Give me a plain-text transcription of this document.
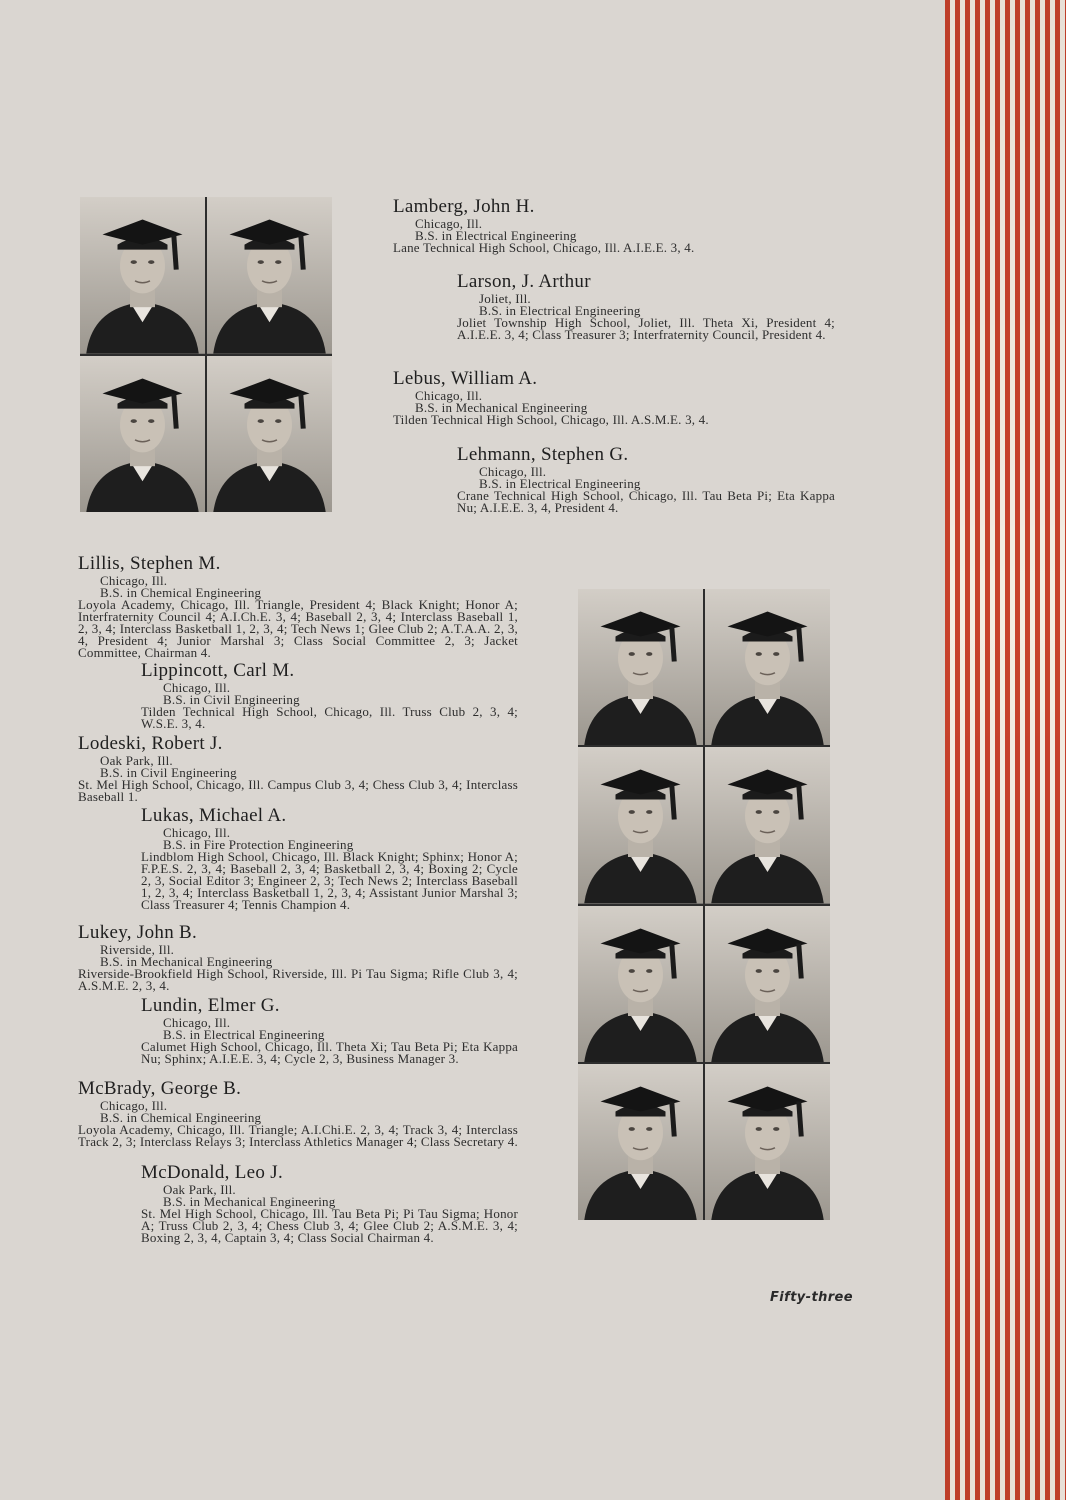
Lamberg, John H.
Chicago, Ill.
B.S. in Electrical Engineering
Lane Technical High School, Chicago, Ill. A.I.E.E. 3, 4.
Larson, J. Arthur
Joliet, Ill.
B.S. in Electrical Engineering
Joliet Township High School, Joliet, Ill. Theta Xi, President 4; A.I.E.E. 3, 4; Class Treasurer 3; Interfraternity Council, President 4.
Lebus, William A.
Chicago, Ill.
B.S. in Mechanical Engineering
Tilden Technical High School, Chicago, Ill. A.S.M.E. 3, 4.
Lehmann, Stephen G.
Chicago, Ill.
B.S. in Electrical Engineering
Crane Technical High School, Chicago, Ill. Tau Beta Pi; Eta Kappa Nu; A.I.E.E. 3, 4, President 4.
Lillis, Stephen M.
Chicago, Ill.
B.S. in Chemical Engineering
Loyola Academy, Chicago, Ill. Triangle, President 4; Black Knight; Honor A; Interfraternity Council 4; A.I.Ch.E. 3, 4; Baseball 2, 3, 4; Interclass Baseball 1, 2, 3, 4; Interclass Basketball 1, 2, 3, 4; Tech News 1; Glee Club 2; A.T.A.A. 2, 3, 4, President 4; Junior Marshal 3; Class Social Committee 2, 3; Jacket Committee, Chairman 4.
Lippincott, Carl M.
Chicago, Ill.
B.S. in Civil Engineering
Tilden Technical High School, Chicago, Ill. Truss Club 2, 3, 4; W.S.E. 3, 4.
Lodeski, Robert J.
Oak Park, Ill.
B.S. in Civil Engineering
St. Mel High School, Chicago, Ill. Campus Club 3, 4; Chess Club 3, 4; Interclass Baseball 1.
Lukas, Michael A.
Chicago, Ill.
B.S. in Fire Protection Engineering
Lindblom High School, Chicago, Ill. Black Knight; Sphinx; Honor A; F.P.E.S. 2, 3, 4; Baseball 2, 3, 4; Basketball 2, 3, 4; Boxing 2; Cycle 2, 3, Social Editor 3; Engineer 2, 3; Tech News 2; Interclass Baseball 1, 2, 3, 4; Interclass Basketball 1, 2, 3, 4; Assistant Junior Marshal 3; Class Treasurer 4; Tennis Champion 4.
Lukey, John B.
Riverside, Ill.
B.S. in Mechanical Engineering
Riverside-Brookfield High School, Riverside, Ill. Pi Tau Sigma; Rifle Club 3, 4; A.S.M.E. 2, 3, 4.
Lundin, Elmer G.
Chicago, Ill.
B.S. in Electrical Engineering
Calumet High School, Chicago, Ill. Theta Xi; Tau Beta Pi; Eta Kappa Nu; Sphinx; A.I.E.E. 3, 4; Cycle 2, 3, Business Manager 3.
McBrady, George B.
Chicago, Ill.
B.S. in Chemical Engineering
Loyola Academy, Chicago, Ill. Triangle; A.I.Chi.E. 2, 3, 4; Track 3, 4; Interclass Track 2, 3; Interclass Relays 3; Interclass Athletics Manager 4; Class Secretary 4.
McDonald, Leo J.
Oak Park, Ill.
B.S. in Mechanical Engineering
St. Mel High School, Chicago, Ill. Tau Beta Pi; Pi Tau Sigma; Honor A; Truss Club 2, 3, 4; Chess Club 3, 4; Glee Club 2; A.S.M.E. 3, 4; Boxing 2, 3, 4, Captain 3, 4; Class Social Chairman 4.
Fifty-three
